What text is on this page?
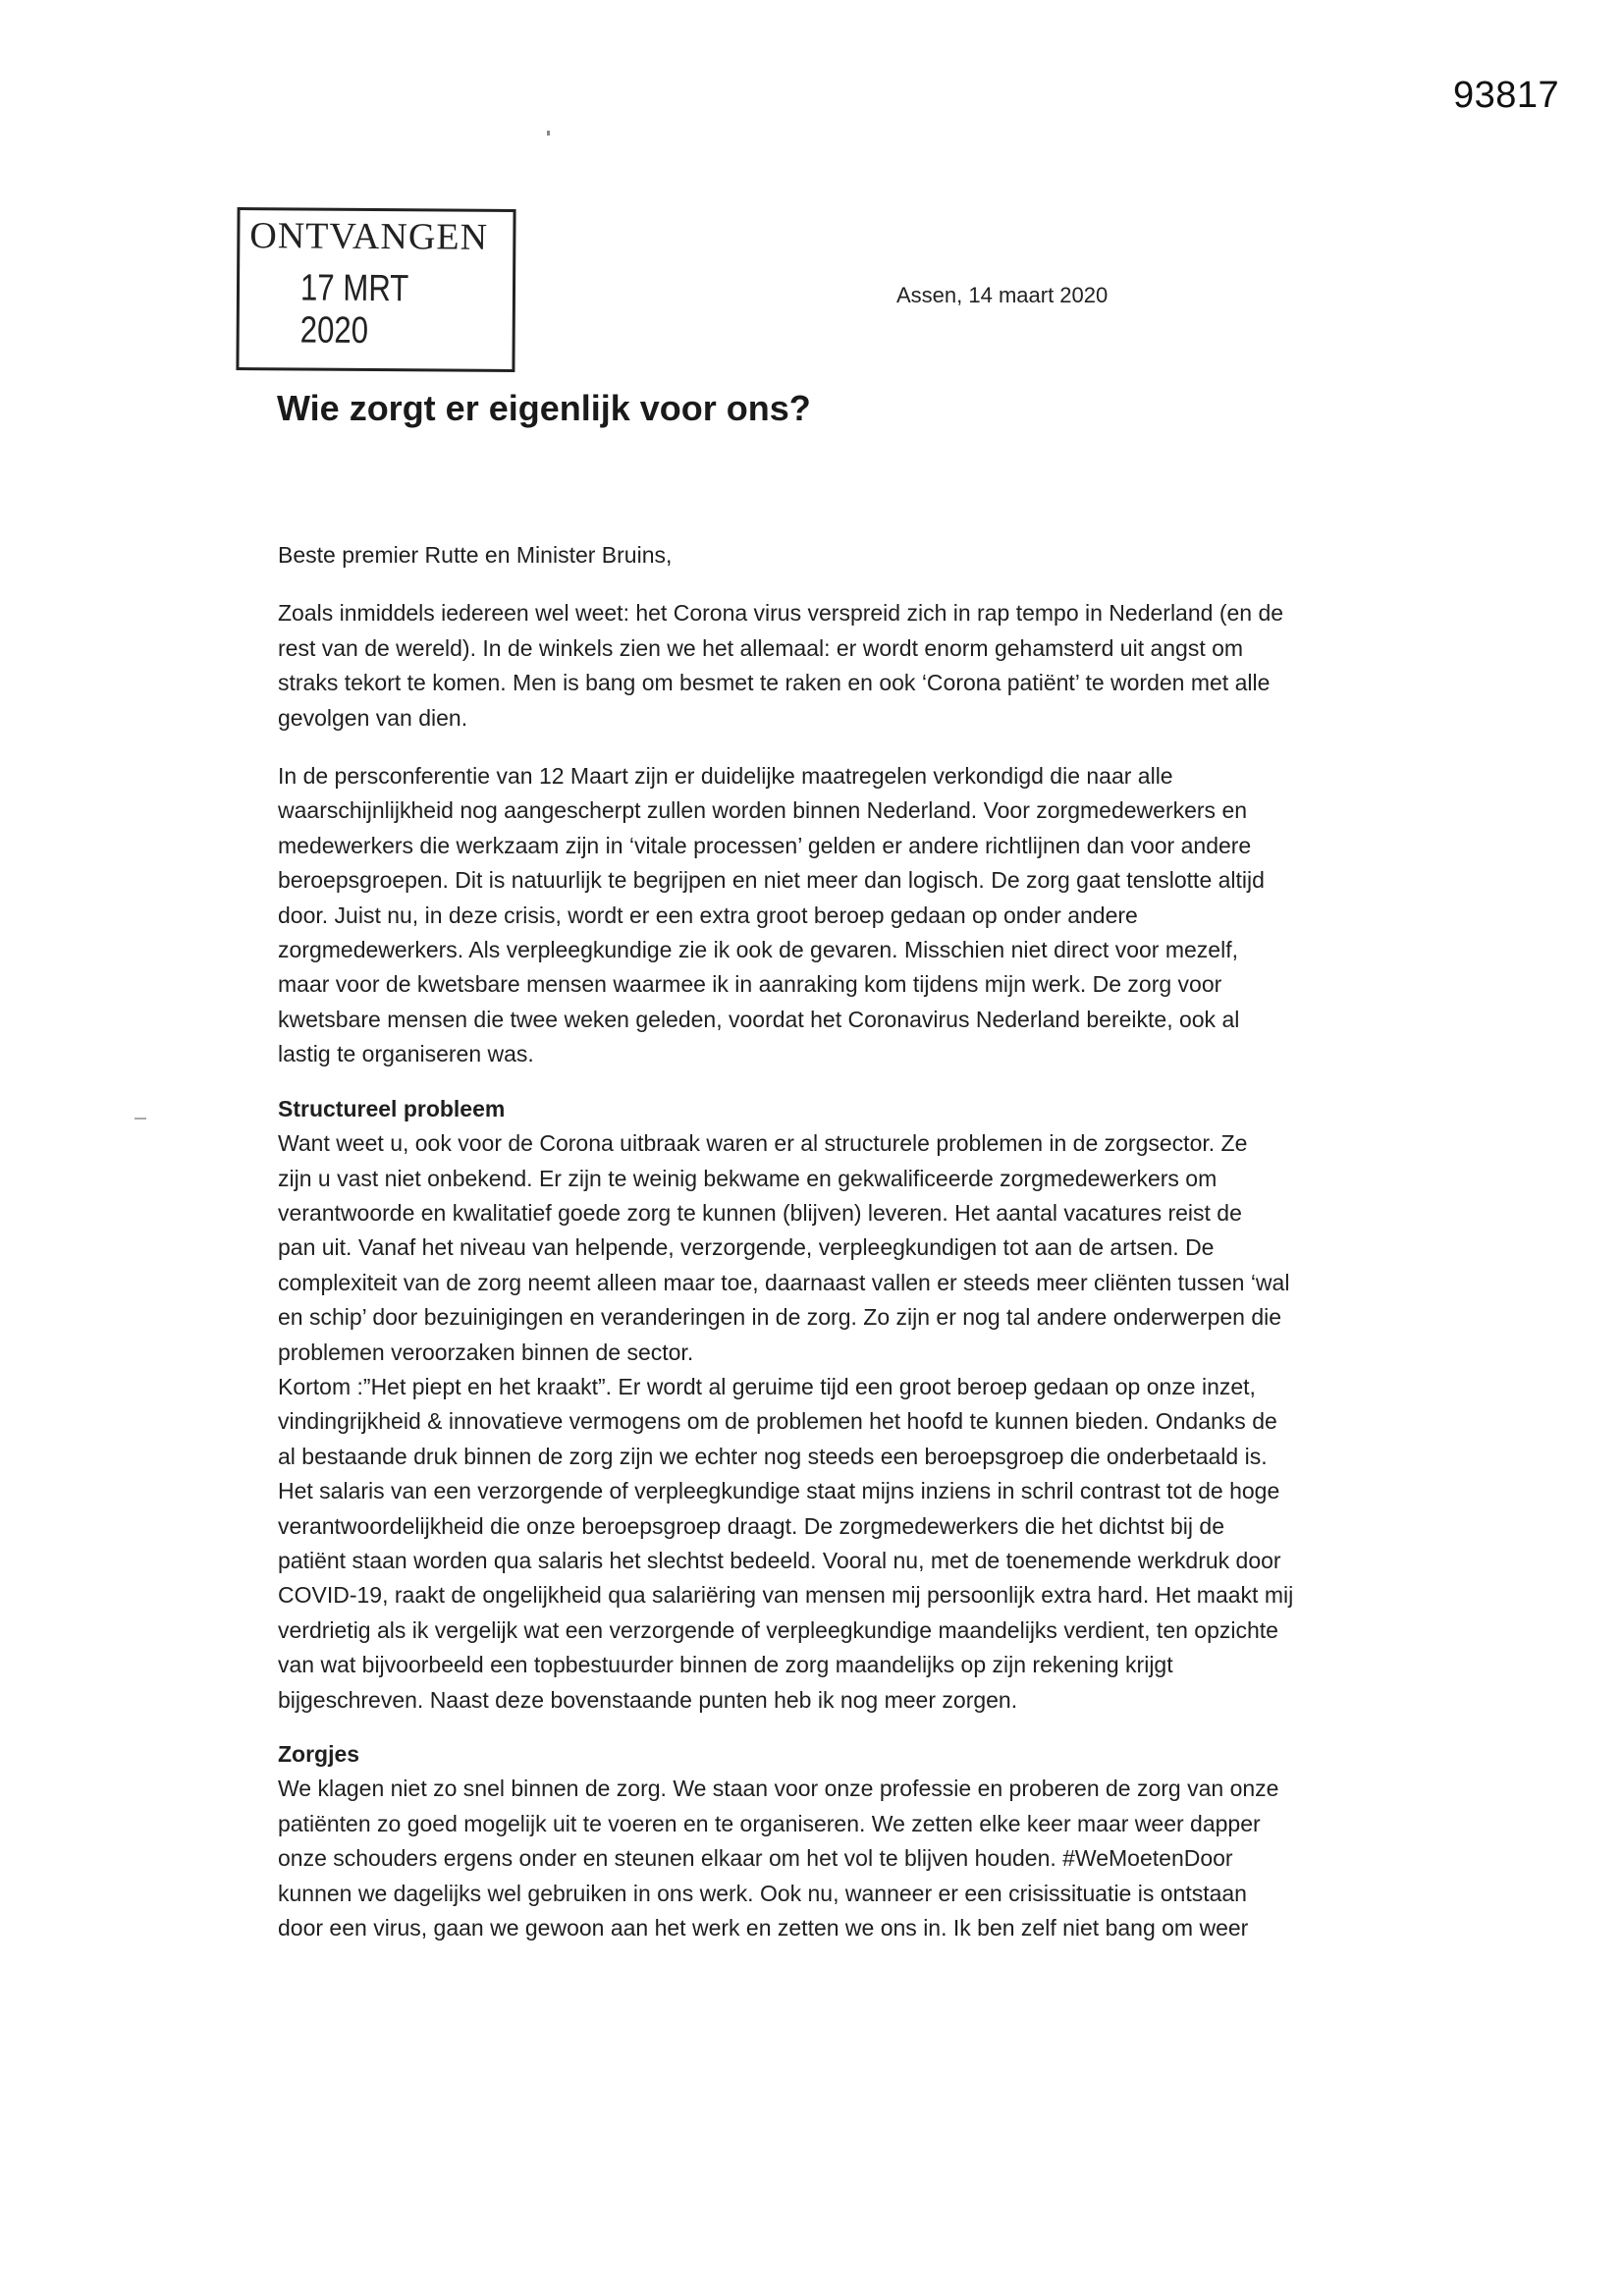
93817
ONTVANGEN
17 MRT 2020
Assen, 14 maart 2020
Wie zorgt er eigenlijk voor ons?

Beste premier Rutte en Minister Bruins,

Zoals inmiddels iedereen wel weet: het Corona virus verspreid zich in rap tempo in Nederland (en de

rest van de wereld). In de winkels zien we het allemaal: er wordt enorm gehamsterd uit angst om

straks tekort te komen. Men is bang om besmet te raken en ook ‘Corona patiënt’ te worden met alle

gevolgen van dien.

In de persconferentie van 12 Maart zijn er duidelijke maatregelen verkondigd die naar alle

waarschijnlijkheid nog aangescherpt zullen worden binnen Nederland. Voor zorgmedewerkers en

medewerkers die werkzaam zijn in ‘vitale processen’ gelden er andere richtlijnen dan voor andere

beroepsgroepen. Dit is natuurlijk te begrijpen en niet meer dan logisch. De zorg gaat tenslotte altijd

door. Juist nu, in deze crisis, wordt er een extra groot beroep gedaan op onder andere

zorgmedewerkers. Als verpleegkundige zie ik ook de gevaren. Misschien niet direct voor mezelf,

maar voor de kwetsbare mensen waarmee ik in aanraking kom tijdens mijn werk. De zorg voor

kwetsbare mensen die twee weken geleden, voordat het Coronavirus Nederland bereikte, ook al

lastig te organiseren was.

Structureel probleem

Want weet u, ook voor de Corona uitbraak waren er al structurele problemen in de zorgsector. Ze

zijn u vast niet onbekend. Er zijn te weinig bekwame en gekwalificeerde zorgmedewerkers om

verantwoorde en kwalitatief goede zorg te kunnen (blijven) leveren. Het aantal vacatures reist de

pan uit. Vanaf het niveau van helpende, verzorgende, verpleegkundigen tot aan de artsen. De

complexiteit van de zorg neemt alleen maar toe, daarnaast vallen er steeds meer cliënten tussen ‘wal

en schip’ door bezuinigingen en veranderingen in de zorg. Zo zijn er nog tal andere onderwerpen die

problemen veroorzaken binnen de sector.

Kortom :”Het piept en het kraakt”. Er wordt al geruime tijd een groot beroep gedaan op onze inzet,

vindingrijkheid & innovatieve vermogens om de problemen het hoofd te kunnen bieden. Ondanks de

al bestaande druk binnen de zorg zijn we echter nog steeds een beroepsgroep die onderbetaald is.

Het salaris van een verzorgende of verpleegkundige staat mijns inziens in schril contrast tot de hoge

verantwoordelijkheid die onze beroepsgroep draagt. De zorgmedewerkers die het dichtst bij de

patiënt staan worden qua salaris het slechtst bedeeld. Vooral nu, met de toenemende werkdruk door

COVID-19, raakt de ongelijkheid qua salariëring van mensen mij persoonlijk extra hard. Het maakt mij

verdrietig als ik vergelijk wat een verzorgende of verpleegkundige maandelijks verdient, ten opzichte

van wat bijvoorbeeld een topbestuurder binnen de zorg maandelijks op zijn rekening krijgt

bijgeschreven. Naast deze bovenstaande punten heb ik nog meer zorgen.

Zorgjes

We klagen niet zo snel binnen de zorg. We staan voor onze professie en proberen de zorg van onze

patiënten zo goed mogelijk uit te voeren en te organiseren. We zetten elke keer maar weer dapper

onze schouders ergens onder en steunen elkaar om het vol te blijven houden. #WeMoetenDoor

kunnen we dagelijks wel gebruiken in ons werk. Ook nu, wanneer er een crisissituatie is ontstaan

door een virus, gaan we gewoon aan het werk en zetten we ons in. Ik ben zelf niet bang om weer
